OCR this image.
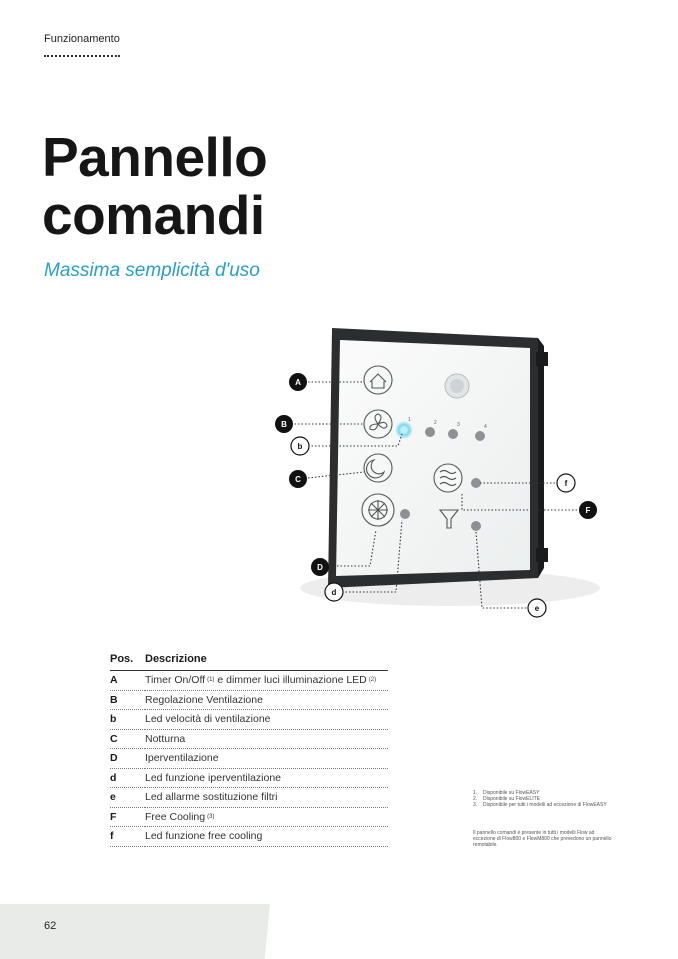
Funzionamento
Pannello
comandi
Massima semplicità d'uso
1	2	3	4
A
B
b
C
D
d
f
F
e
Pos.	Descrizione
A	Timer On/Off (1)
e dimmer luci illuminazione LED (2)
B	Regolazione Ventilazione
b	Led velocità di ventilazione
C	Notturna
D	Iperventilazione
d	Led funzione iperventilazione
e	Led allarme sostituzione filtri
F	Free Cooling (3)
f	Led funzione free cooling
1.	Disponibile su FlowEASY
2.	Disponibile su FlowELITE
3.	Disponibile per tutti i modelli ad eccezione di FlowEASY
Il pannello comandi è presente in tutti i modelli Flow ad eccezione di Flow800 e FlowM800 che prevedono un pannello remotabile.
62
